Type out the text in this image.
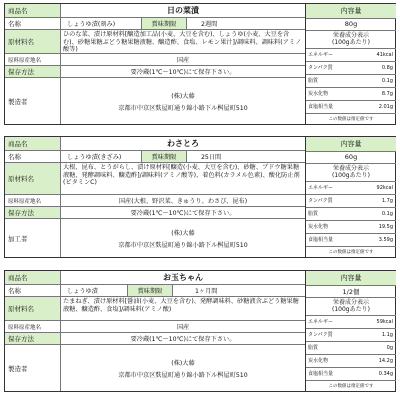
商品名	日の菜漬
名称	しょうゆ漬(刻み)	賞味期限	2週間
原材料名
ひのな菜、漬け原材料[醸造加工品(小麦、大豆を含む)、しょうゆ(小麦、大豆を含む)、砂糖果糖ぶどう糖果糖液糖、醸造酢、食塩、レモン果汁]/調味料、調味料(アミノ酸等)
原料原産地名	国産
保存方法	要冷蔵(1℃〜10℃)にて保存下さい。
製造者
(株)大藤
京都市中京区麩屋町通り錦小路下ル桝屋町510
内容量
80g
栄養成分表示
(100gあたり)
エネルギー	41kcal
タンパク質	0.8g
脂質	0.1g
炭水化物	8.7g
食塩相当量	2.01g
この数値は推定値です
商品名	わさとろ
名称	しょうゆ漬(きざみ)	賞味期限	25日間
原材料名
大根、昆布、とうがらし、漬け原材料[醸造(小麦、大豆を含む)、砂糖、ブドウ糖果糖液糖、発酵調味料、醸造酢]/調味料(アミノ酸等)、着色料(カラメル色素)、酸化防止剤(ビタミンC)
原料原産地名	国産(大根、野沢菜、きゅうり、わさび、昆布)
保存方法	要冷蔵(1℃〜10℃)にて保存下さい。
加工者
(株)大藤
京都市中京区麩屋町通り錦小路下ル桝屋町510
内容量
60g
栄養成分表示
(100gあたり)
エネルギー	92kcal
タンパク質	1.7g
脂質	0.1g
炭水化物	19.5g
食塩相当量	3.59g
この数値は推定値です
商品名	お玉ちゃん
名称	しょうゆ漬	賞味期限	1ヶ月間
原材料名
たまねぎ、漬け原材料[醤油(小麦、大豆を含む)、発酵調味料、砂糖液含ぶどう糖果糖液糖、醸造酢、食塩]/調味料(アミノ酸)
原料原産地名	国産
保存方法	要冷蔵(1℃〜10℃)にて保存下さい。
製造者
(株)大藤
京都市中京区麩屋町通り錦小路下ル桝屋町510
内容量
1/2個
栄養成分表示
(100gあたり)
エネルギー	59kcal
タンパク質	1.1g
脂質	0g
炭水化物	14.2g
食塩相当量	0.34g
この数値は推定値です
